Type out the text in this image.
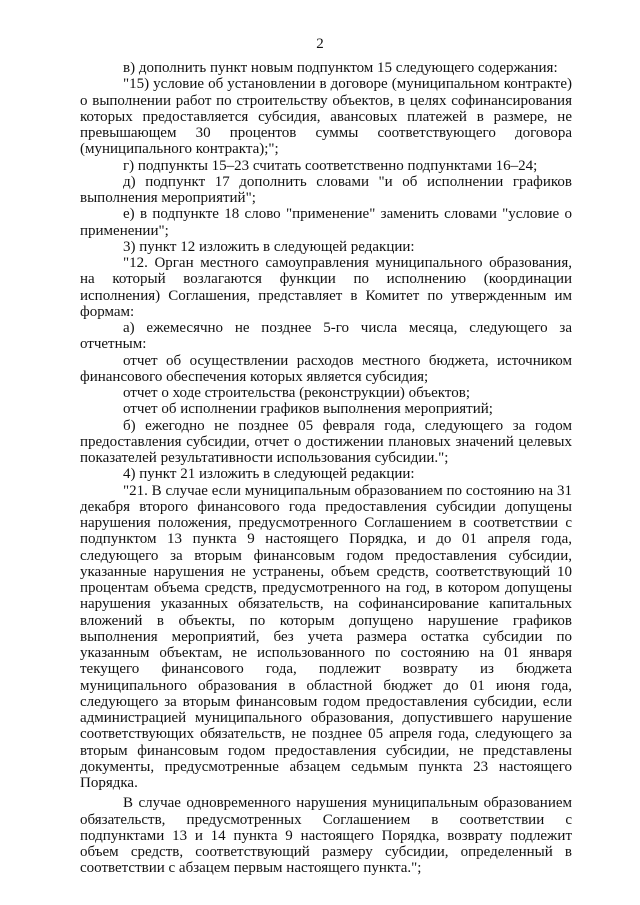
2

в) дополнить пункт новым подпунктом 15 следующего содержания:

"15) условие об установлении в договоре (муниципальном контракте) о выполнении работ по строительству объектов, в целях софинансирования которых предоставляется субсидия, авансовых платежей в размере, не превышающем 30 процентов суммы соответствующего договора (муниципального контракта);";

г) подпункты 15–23 считать соответственно подпунктами 16–24;

д) подпункт 17 дополнить словами "и об исполнении графиков выполнения мероприятий";

е) в подпункте 18 слово "применение" заменить словами "условие о применении";

3) пункт 12 изложить в следующей редакции:

"12. Орган местного самоуправления муниципального образования, на который возлагаются функции по исполнению (координации исполнения) Соглашения, представляет в Комитет по утвержденным им формам:

а) ежемесячно не позднее 5-го числа месяца, следующего за отчетным:

отчет об осуществлении расходов местного бюджета, источником финансового обеспечения которых является субсидия;

отчет о ходе строительства (реконструкции) объектов;

отчет об исполнении графиков выполнения мероприятий;

б) ежегодно не позднее 05 февраля года, следующего за годом предоставления субсидии, отчет о достижении плановых значений целевых показателей результативности использования субсидии.";

4) пункт 21 изложить в следующей редакции:

"21. В случае если муниципальным образованием по состоянию на 31 декабря второго финансового года предоставления субсидии допущены нарушения положения, предусмотренного Соглашением в соответствии с подпунктом 13 пункта 9 настоящего Порядка, и до 01 апреля года, следующего за вторым финансовым годом предоставления субсидии, указанные нарушения не устранены, объем средств, соответствующий 10 процентам объема средств, предусмотренного на год, в котором допущены нарушения указанных обязательств, на софинансирование капитальных вложений в объекты, по которым допущено нарушение графиков выполнения мероприятий, без учета размера остатка субсидии по указанным объектам, не использованного по состоянию на 01 января текущего финансового года, подлежит возврату из бюджета муниципального образования в областной бюджет до 01 июня года, следующего за вторым финансовым годом предоставления субсидии, если администрацией муниципального образования, допустившего нарушение соответствующих обязательств, не позднее 05 апреля года, следующего за вторым финансовым годом предоставления субсидии, не представлены документы, предусмотренные абзацем седьмым пункта 23 настоящего Порядка.

В случае одновременного нарушения муниципальным образованием обязательств, предусмотренных Соглашением в соответствии с подпунктами 13 и 14 пункта 9 настоящего Порядка, возврату подлежит объем средств, соответствующий размеру субсидии, определенный в соответствии с абзацем первым настоящего пункта.";
